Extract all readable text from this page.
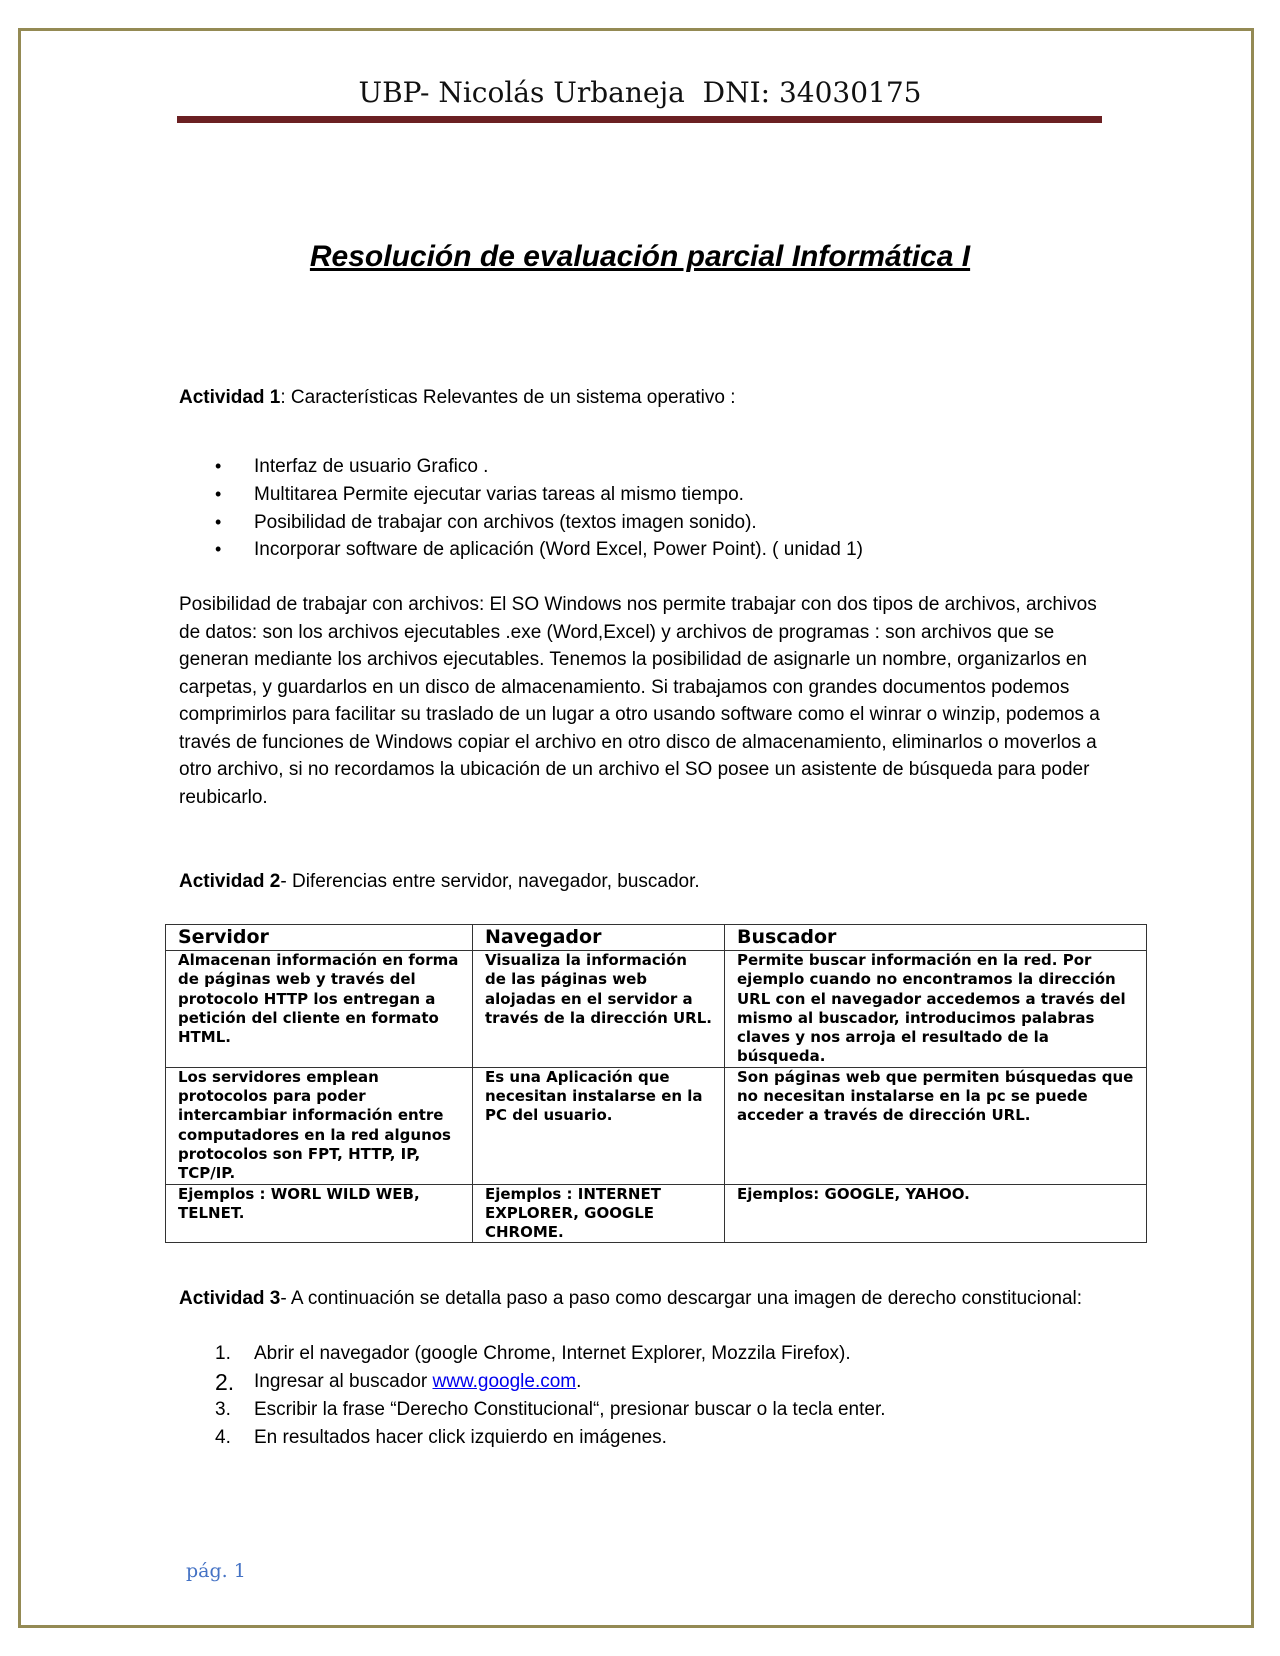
UBP- Nicolás Urbaneja  DNI: 34030175
Resolución de evaluación parcial Informática I
Actividad 1: Características Relevantes de un sistema operativo :
• Interfaz de usuario Grafico .
• Multitarea Permite ejecutar varias tareas al mismo tiempo.
• Posibilidad de trabajar con archivos (textos imagen sonido).
• Incorporar software de aplicación (Word Excel, Power Point). ( unidad 1)
Posibilidad de trabajar con archivos: El SO Windows nos permite trabajar con dos tipos de archivos, archivos de datos: son los archivos ejecutables .exe (Word,Excel) y archivos de programas : son archivos que se generan mediante los archivos ejecutables. Tenemos la posibilidad de asignarle un nombre, organizarlos en carpetas, y guardarlos en un disco de almacenamiento. Si trabajamos con grandes documentos podemos comprimirlos para facilitar su traslado de un lugar a otro usando software como el winrar o winzip, podemos a través de funciones de Windows copiar el archivo en otro disco de almacenamiento, eliminarlos o moverlos a otro archivo, si no recordamos la ubicación de un archivo el SO posee un asistente de búsqueda para poder reubicarlo.
Actividad 2- Diferencias entre servidor, navegador, buscador.
Servidor	Navegador	Buscador
Almacenan información en forma de páginas web y través del protocolo HTTP los entregan a petición del cliente en formato HTML.	Visualiza la información de las páginas web alojadas en el servidor a través de la dirección URL.	Permite buscar información en la red. Por ejemplo cuando no encontramos la dirección URL con el navegador accedemos a través del mismo al buscador, introducimos palabras claves y nos arroja el resultado de la búsqueda.
Los servidores emplean protocolos para poder intercambiar información entre computadores en la red algunos protocolos son FPT, HTTP, IP, TCP/IP.	Es una Aplicación que necesitan instalarse en la PC del usuario.	Son páginas web que permiten búsquedas que no necesitan instalarse en la pc se puede acceder a través de dirección URL.
Ejemplos : WORL WILD WEB, TELNET.	Ejemplos : INTERNET EXPLORER, GOOGLE CHROME.	Ejemplos: GOOGLE, YAHOO.
Actividad 3- A continuación se detalla paso a paso como descargar una imagen de derecho constitucional:
1. Abrir el navegador (google Chrome, Internet Explorer, Mozzila Firefox).
2. Ingresar al buscador www.google.com.
3. Escribir la frase “Derecho Constitucional“, presionar buscar o la tecla enter.
4. En resultados hacer click izquierdo en imágenes.
pág. 1
